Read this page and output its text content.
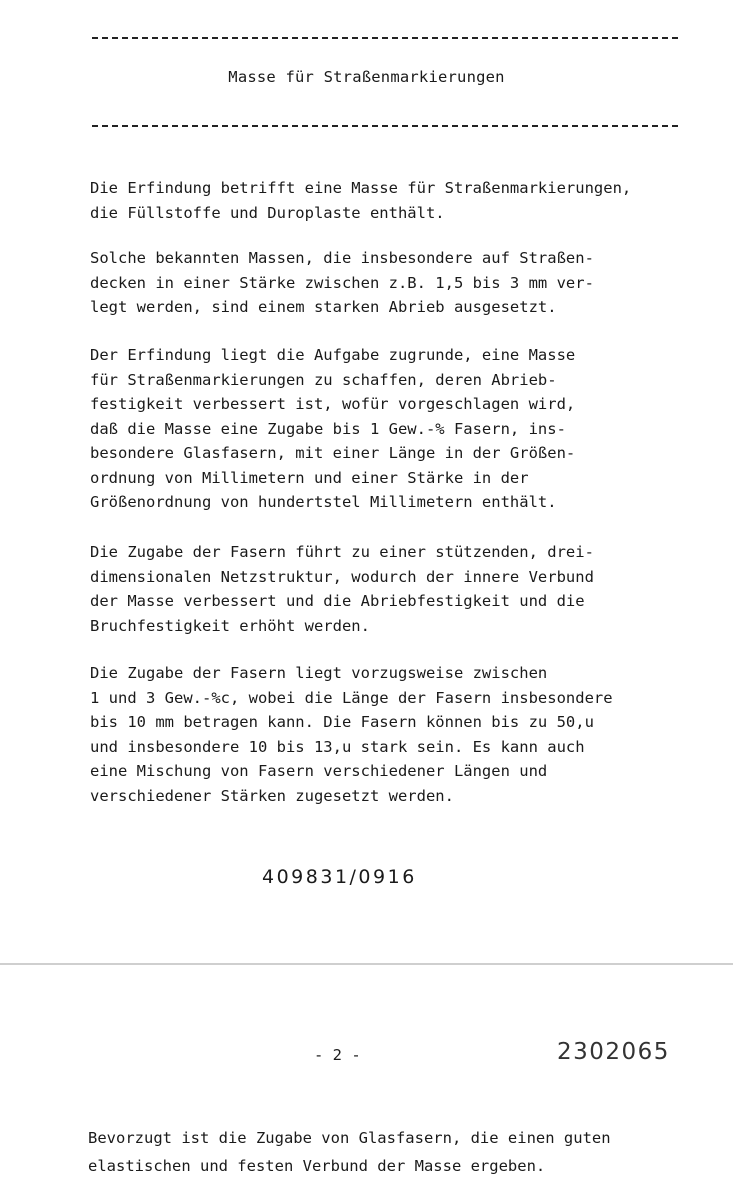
Masse für Straßenmarkierungen

Die Erfindung betrifft eine Masse für Straßenmarkierungen,
die Füllstoffe und Duroplaste enthält.

Solche bekannten Massen, die insbesondere auf Straßen-
decken in einer Stärke zwischen z.B. 1,5 bis 3 mm ver-
legt werden, sind einem starken Abrieb ausgesetzt.

Der Erfindung liegt die Aufgabe zugrunde, eine Masse
für Straßenmarkierungen zu schaffen, deren Abrieb-
festigkeit verbessert ist, wofür vorgeschlagen wird,
daß die Masse eine Zugabe bis 1 Gew.-% Fasern, ins-
besondere Glasfasern, mit einer Länge in der Größen-
ordnung von Millimetern und einer Stärke in der
Größenordnung von hundertstel Millimetern enthält.

Die Zugabe der Fasern führt zu einer stützenden, drei-
dimensionalen Netzstruktur, wodurch der innere Verbund
der Masse verbessert und die Abriebfestigkeit und die
Bruchfestigkeit erhöht werden.

Die Zugabe der Fasern liegt vorzugsweise zwischen
1 und 3 Gew.-%c, wobei die Länge der Fasern insbesondere
bis 10 mm betragen kann. Die Fasern können bis zu 50,u
und insbesondere 10 bis 13,u stark sein. Es kann auch
eine Mischung von Fasern verschiedener Längen und
verschiedener Stärken zugesetzt werden.

409831/0916
- 2 -	2302065

Bevorzugt ist die Zugabe von Glasfasern, die einen guten
elastischen und festen Verbund der Masse ergeben.
